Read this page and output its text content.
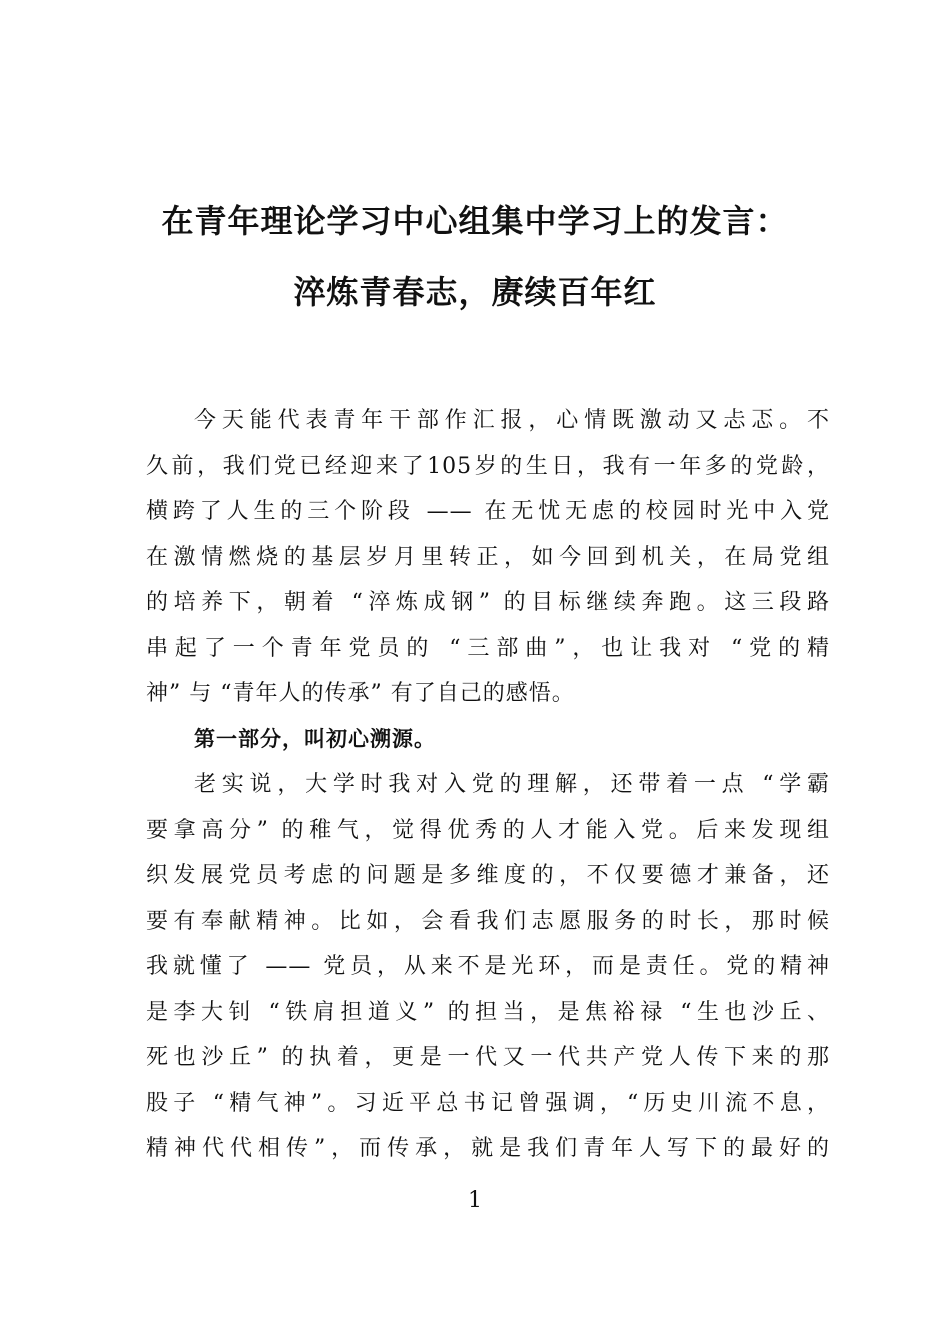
在青年理论学习中心组集中学习上的发言：
淬炼青春志，赓续百年红
今天能代表青年干部作汇报，心情既激动又忐忑。不
久前，我们党已经迎来了105岁的生日，我有一年多的党龄，
横跨了人生的三个阶段 —— 在无忧无虑的校园时光中入党
在激情燃烧的基层岁月里转正，如今回到机关，在局党组
的培养下，朝着 “淬炼成钢” 的目标继续奔跑。这三段路
串起了一个青年党员的 “三部曲”，也让我对 “党的精
神” 与 “青年人的传承” 有了自己的感悟。
第一部分，叫初心溯源。
老实说，大学时我对入党的理解，还带着一点 “学霸
要拿高分” 的稚气，觉得优秀的人才能入党。后来发现组
织发展党员考虑的问题是多维度的，不仅要德才兼备，还
要有奉献精神。比如，会看我们志愿服务的时长，那时候
我就懂了 —— 党员，从来不是光环，而是责任。党的精神
是李大钊 “铁肩担道义” 的担当，是焦裕禄 “生也沙丘、
死也沙丘” 的执着，更是一代又一代共产党人传下来的那
股子 “精气神”。习近平总书记曾强调，“历史川流不息，
精神代代相传”，而传承，就是我们青年人写下的最好的
1
